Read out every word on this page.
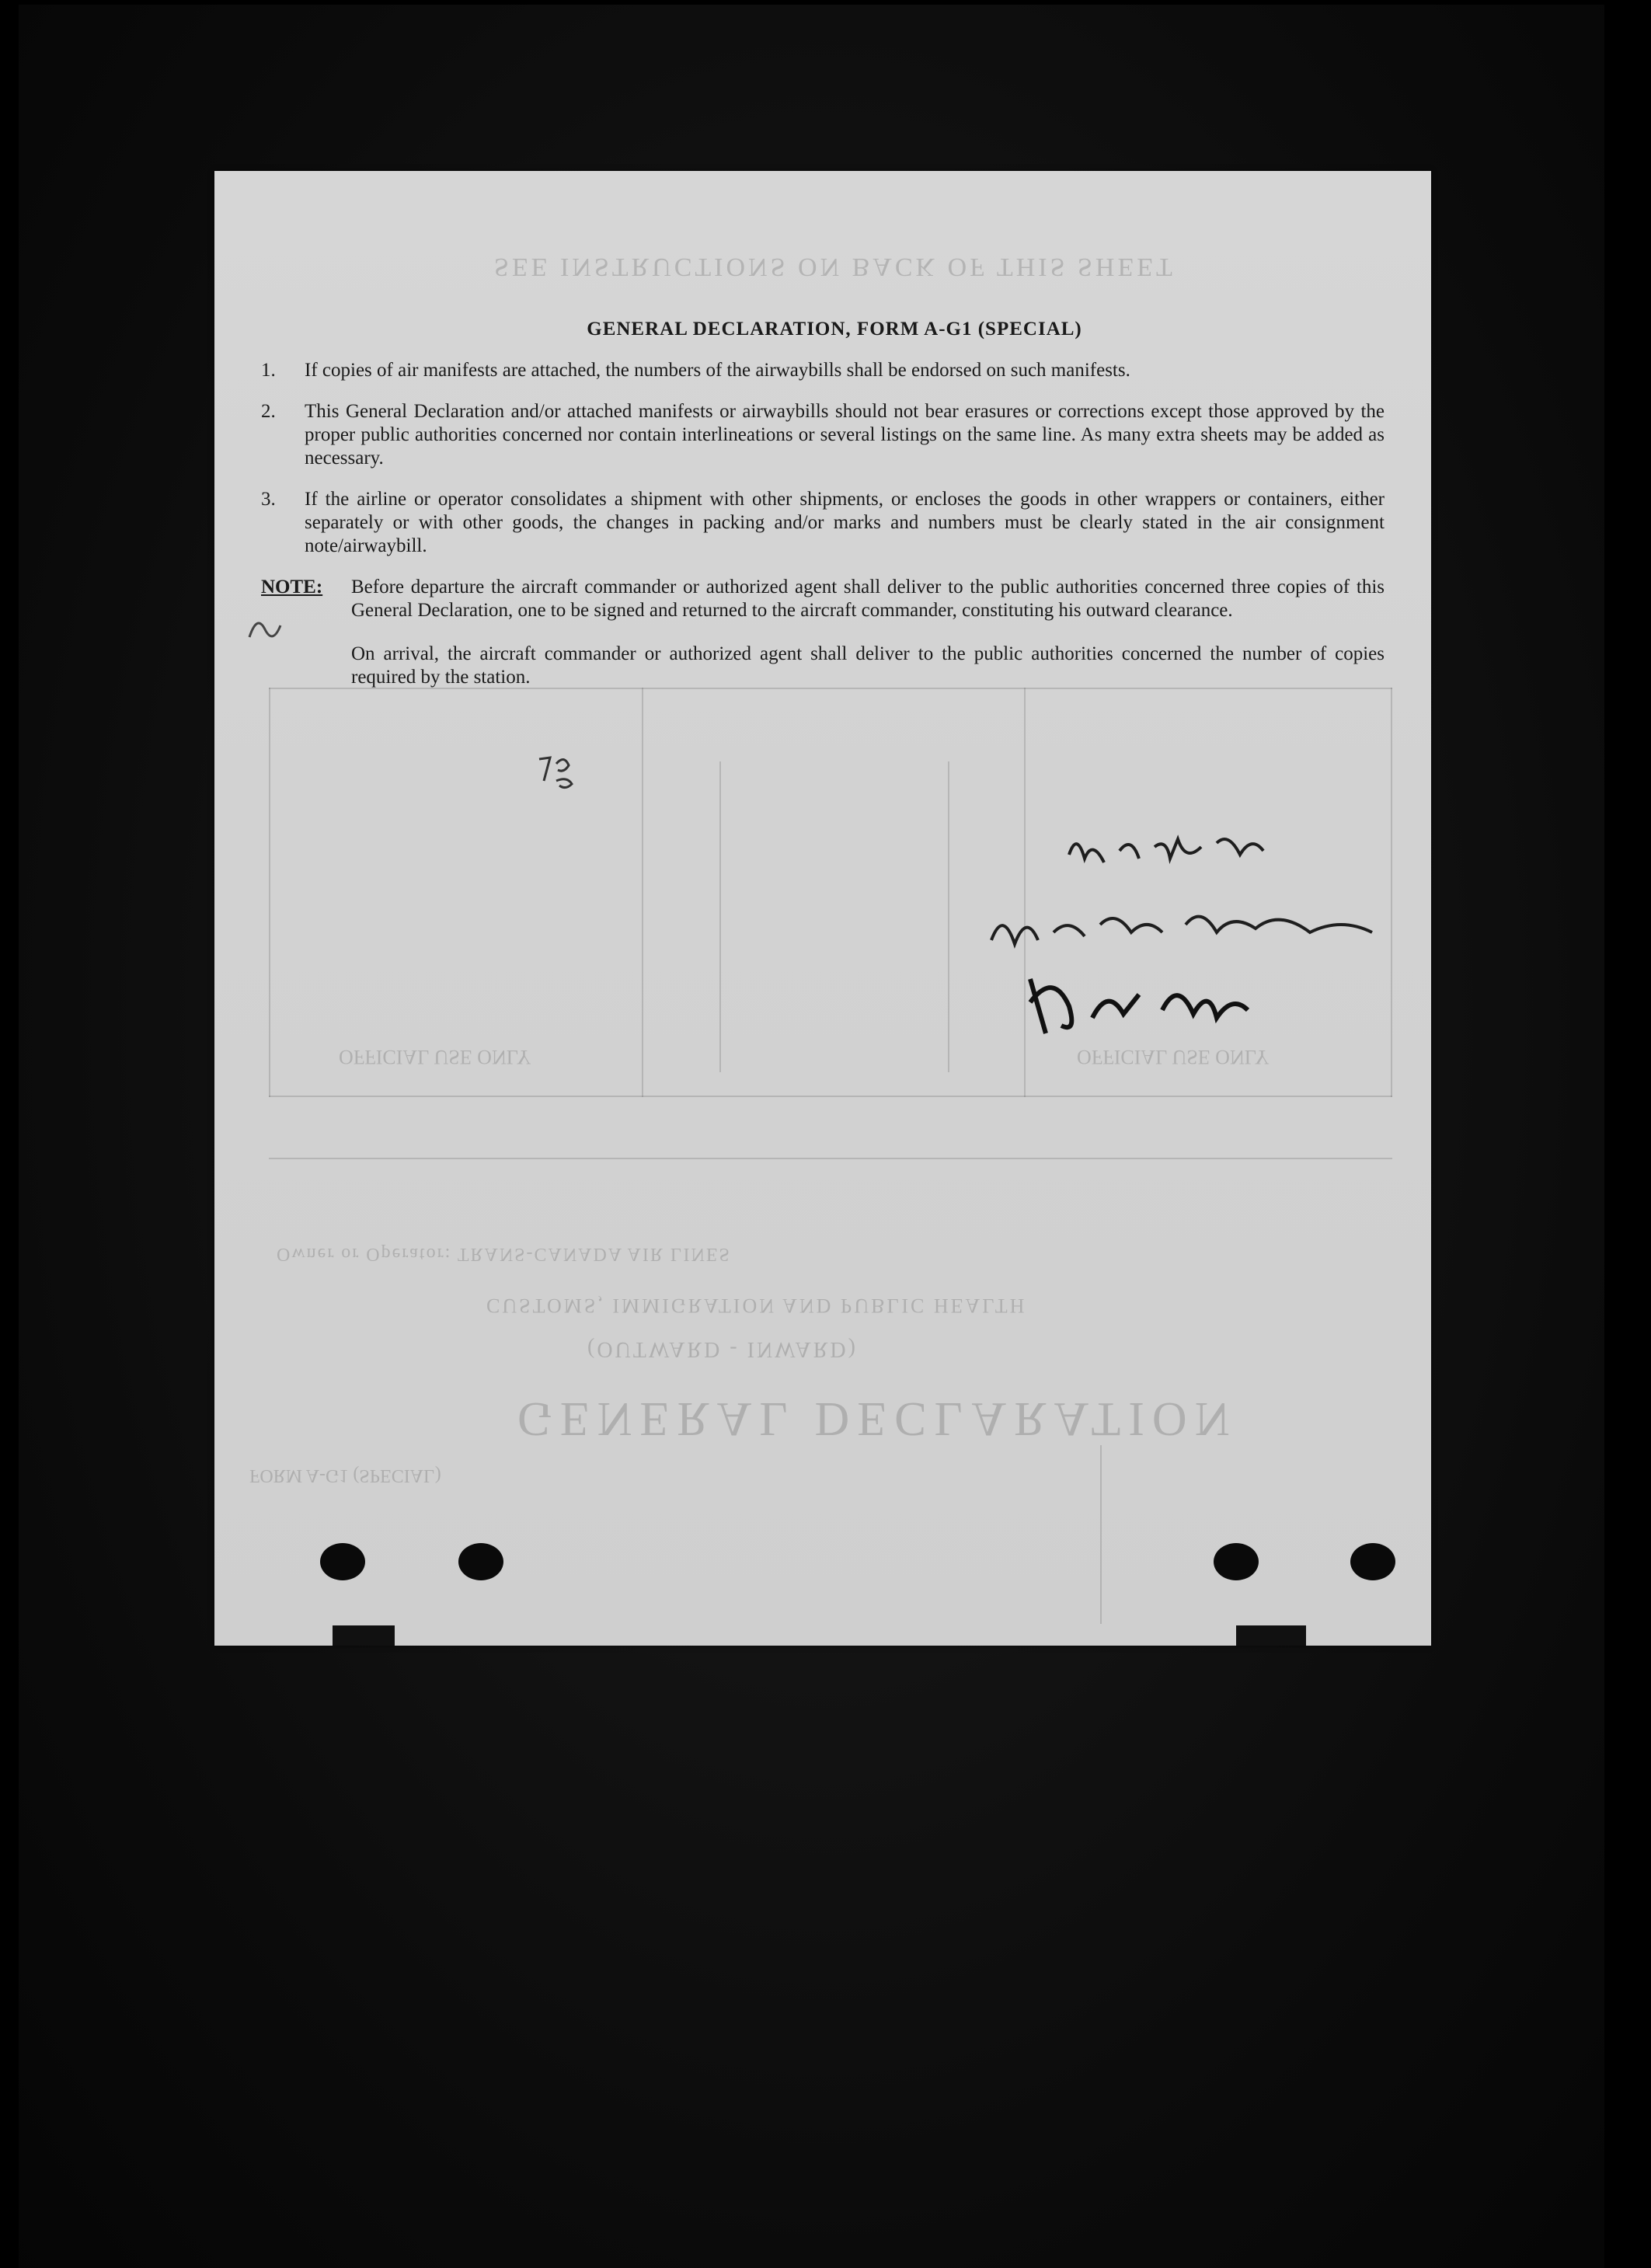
SEE INSTRUCTIONS ON BACK OF THIS SHEET
GENERAL DECLARATION
(OUTWARD - INWARD)
CUSTOMS, IMMIGRATION AND PUBLIC HEALTH
FORM A-G1 (SPECIAL)
Owner or Operator: TRANS-CANADA AIR LINES
OFFICIAL USE ONLY	OFFICIAL USE ONLY
GENERAL DECLARATION, FORM A-G1 (SPECIAL)
1.	If copies of air manifests are attached, the numbers of the airwaybills shall be endorsed on such manifests.
2.	This General Declaration and/or attached manifests or airwaybills should not bear erasures or corrections except those approved by the proper public authorities concerned nor contain interlineations or several listings on the same line. As many extra sheets may be added as necessary.
3.	If the airline or operator consolidates a shipment with other shipments, or encloses the goods in other wrappers or containers, either separately or with other goods, the changes in packing and/or marks and numbers must be clearly stated in the air consignment note/airwaybill.
NOTE:	Before departure the aircraft commander or authorized agent shall deliver to the public authorities concerned three copies of this General Declaration, one to be signed and returned to the aircraft commander, constituting his outward clearance.
On arrival, the aircraft commander or authorized agent shall deliver to the public authorities concerned the number of copies required by the station.
